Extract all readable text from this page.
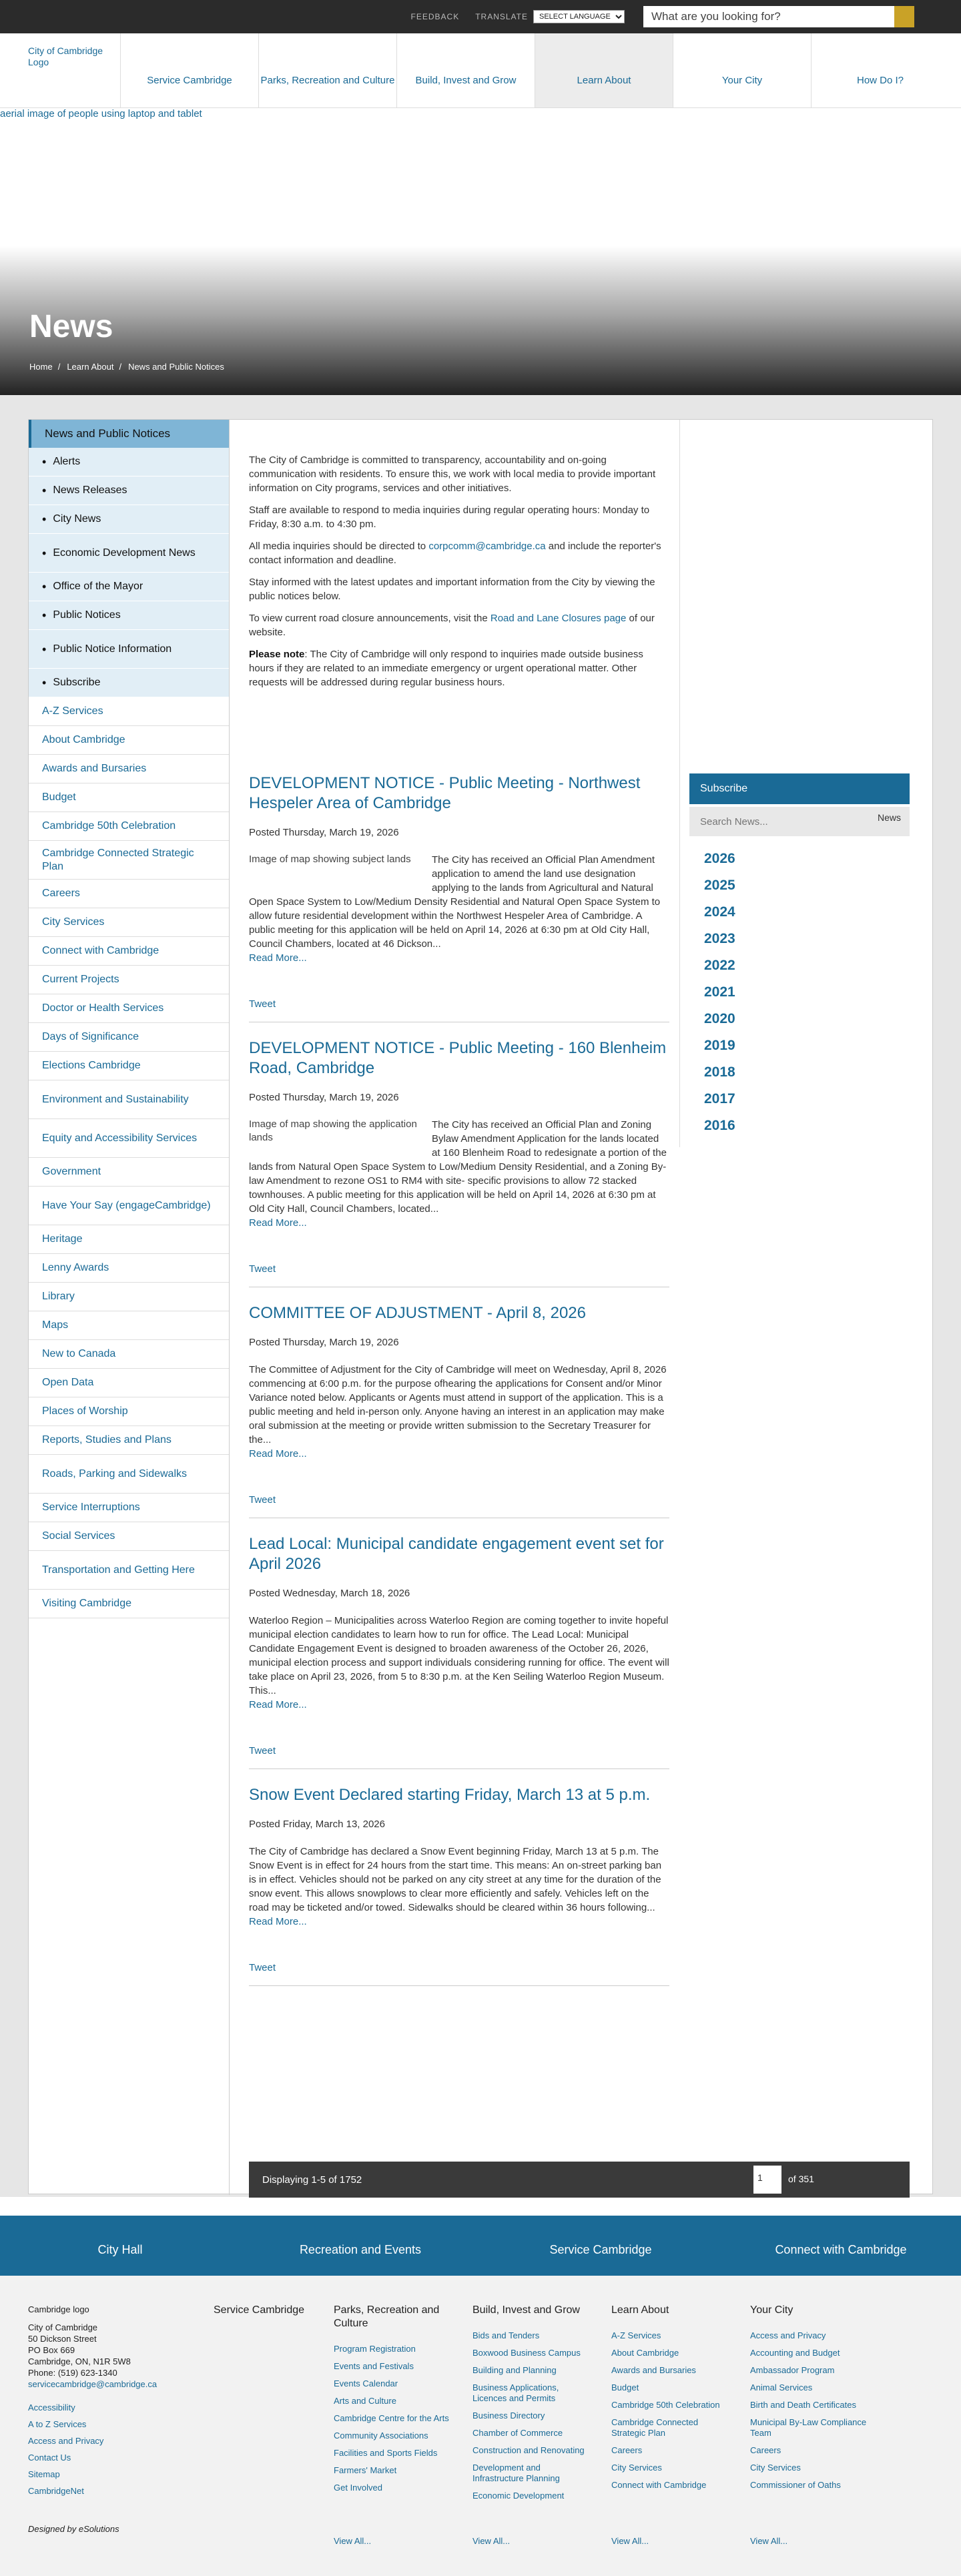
FEEDBACK TRANSLATE
SELECT LANGUAGE
What are you looking for?
City of Cambridge Logo
Service Cambridge	Parks, Recreation and Culture	Build, Invest and Grow	Learn About	Your City	How Do I?
aerial image of people using laptop and tablet
News
Home / Learn About / News and Public Notices
News and Public Notices
• Alerts
• News Releases
• City News
• Economic Development News
• Office of the Mayor
• Public Notices
• Public Notice Information
• Subscribe
A-Z Services
About Cambridge
Awards and Bursaries
Budget
Cambridge 50th Celebration
Cambridge Connected Strategic Plan
Careers
City Services
Connect with Cambridge
Current Projects
Doctor or Health Services
Days of Significance
Elections Cambridge
Environment and Sustainability
Equity and Accessibility Services
Government
Have Your Say (engageCambridge)
Heritage
Lenny Awards
Library
Maps
New to Canada
Open Data
Places of Worship
Reports, Studies and Plans
Roads, Parking and Sidewalks
Service Interruptions
Social Services
Transportation and Getting Here
Visiting Cambridge

The City of Cambridge is committed to transparency, accountability and on-going communication with residents. To ensure this, we work with local media to provide important information on City programs, services and other initiatives.

Staff are available to respond to media inquiries during regular operating hours: Monday to Friday, 8:30 a.m. to 4:30 pm.

All media inquiries should be directed to corpcomm@cambridge.ca and include the reporter's contact information and deadline.

Stay informed with the latest updates and important information from the City by viewing the public notices below.

To view current road closure announcements, visit the Road and Lane Closures page of our website.

Please note: The City of Cambridge will only respond to inquiries made outside business hours if they are related to an immediate emergency or urgent operational matter. Other requests will be addressed during regular business hours.

DEVELOPMENT NOTICE - Public Meeting - Northwest Hespeler Area of Cambridge
Posted Thursday, March 19, 2026
Image of map showing subject lands	The City has received an Official Plan Amendment application to amend the land use designation applying to the lands from Agricultural and Natural Open Space System to Low/Medium Density Residential and Natural Open Space System to allow future residential development within the Northwest Hespeler Area of Cambridge. A public meeting for this application will be held on April 14, 2026 at 6:30 pm at Old City Hall, Council Chambers, located at 46 Dickson...
Read More...
Tweet
DEVELOPMENT NOTICE - Public Meeting - 160 Blenheim Road, Cambridge
Posted Thursday, March 19, 2026
Image of map showing the application lands
The City has received an Official Plan and Zoning Bylaw Amendment Application for the lands located at 160 Blenheim Road to redesignate a portion of the lands from Natural Open Space System to Low/Medium Density Residential, and a Zoning By-law Amendment to rezone OS1 to RM4 with site- specific provisions to allow 72 stacked townhouses. A public meeting for this application will be held on April 14, 2026 at 6:30 pm at Old City Hall, Council Chambers, located...
Read More...
Tweet
COMMITTEE OF ADJUSTMENT - April 8, 2026
Posted Thursday, March 19, 2026
The Committee of Adjustment for the City of Cambridge will meet on Wednesday, April 8, 2026 commencing at 6:00 p.m. for the purpose ofhearing the applications for Consent and/or Minor Variance noted below. Applicants or Agents must attend in support of the application. This is a public meeting and held in-person only. Anyone having an interest in an application may make oral submission at the meeting or provide written submission to the Secretary Treasurer for the...
Read More...
Tweet
Lead Local: Municipal candidate engagement event set for April 2026
Posted Wednesday, March 18, 2026
Waterloo Region – Municipalities across Waterloo Region are coming together to invite hopeful municipal election candidates to learn how to run for office. The Lead Local: Municipal Candidate Engagement Event is designed to broaden awareness of the October 26, 2026, municipal election process and support individuals considering running for office. The event will take place on April 23, 2026, from 5 to 8:30 p.m. at the Ken Seiling Waterloo Region Museum. This...
Read More...
Tweet
Snow Event Declared starting Friday, March 13 at 5 p.m.
Posted Friday, March 13, 2026
The City of Cambridge has declared a Snow Event beginning Friday, March 13 at 5 p.m. The Snow Event is in effect for 24 hours from the start time. This means: An on-street parking ban is in effect. Vehicles should not be parked on any city street at any time for the duration of the snow event. This allows snowplows to clear more efficiently and safely. Vehicles left on the road may be ticketed and/or towed. Sidewalks should be cleared within 36 hours following...
Read More...
Tweet
Subscribe
Search News...
News
2026
2025
2024
2023
2022
2021
2020
2019
2018
2017
2016
Displaying 1-5 of 1752	1	of 351
City Hall	Recreation and Events	Service Cambridge	Connect with Cambridge
Cambridge logo
City of Cambridge
50 Dickson Street
PO Box 669
Cambridge, ON, N1R 5W8
Phone: (519) 623-1340
servicecambridge@cambridge.ca
Accessibility
A to Z Services
Access and Privacy
Contact Us
Sitemap
CambridgeNet
Designed by eSolutions
Service Cambridge	Parks, Recreation and Culture
Program Registration
Events and Festivals
Events Calendar
Arts and Culture
Cambridge Centre for the Arts
Community Associations
Facilities and Sports Fields
Farmers' Market
Get Involved
View All...
Build, Invest and Grow
Bids and Tenders
Boxwood Business Campus
Building and Planning
Business Applications, Licences and Permits
Business Directory
Chamber of Commerce
Construction and Renovating
Development and Infrastructure Planning
Economic Development
View All...
Learn About
A-Z Services
About Cambridge
Awards and Bursaries
Budget
Cambridge 50th Celebration
Cambridge Connected Strategic Plan
Careers
City Services
Connect with Cambridge
View All...
Your City
Access and Privacy
Accounting and Budget
Ambassador Program
Animal Services
Birth and Death Certificates
Municipal By-Law Compliance Team
Careers
City Services
Commissioner of Oaths
View All...
